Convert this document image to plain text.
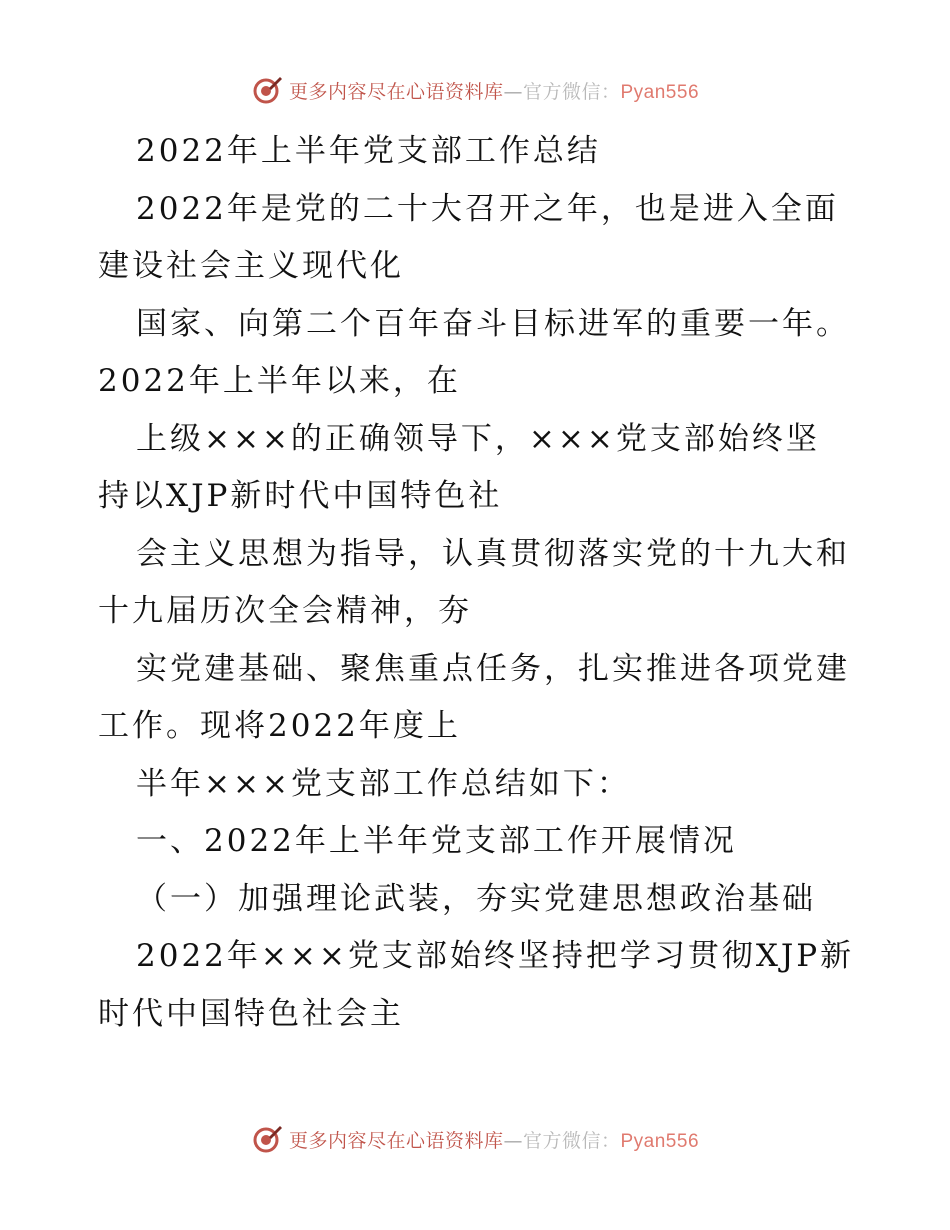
更多内容尽在心语资料库—官方微信：Pyan556
2022年上半年党支部工作总结
2022年是党的二十大召开之年，也是进入全面
建设社会主义现代化
国家、向第二个百年奋斗目标进军的重要一年。
2022年上半年以来，在
上级×××的正确领导下，×××党支部始终坚
持以XJP新时代中国特色社
会主义思想为指导，认真贯彻落实党的十九大和
十九届历次全会精神，夯
实党建基础、聚焦重点任务，扎实推进各项党建
工作。现将2022年度上
半年×××党支部工作总结如下：
一、2022年上半年党支部工作开展情况
（一）加强理论武装，夯实党建思想政治基础
2022年×××党支部始终坚持把学习贯彻XJP新
时代中国特色社会主
更多内容尽在心语资料库—官方微信：Pyan556
